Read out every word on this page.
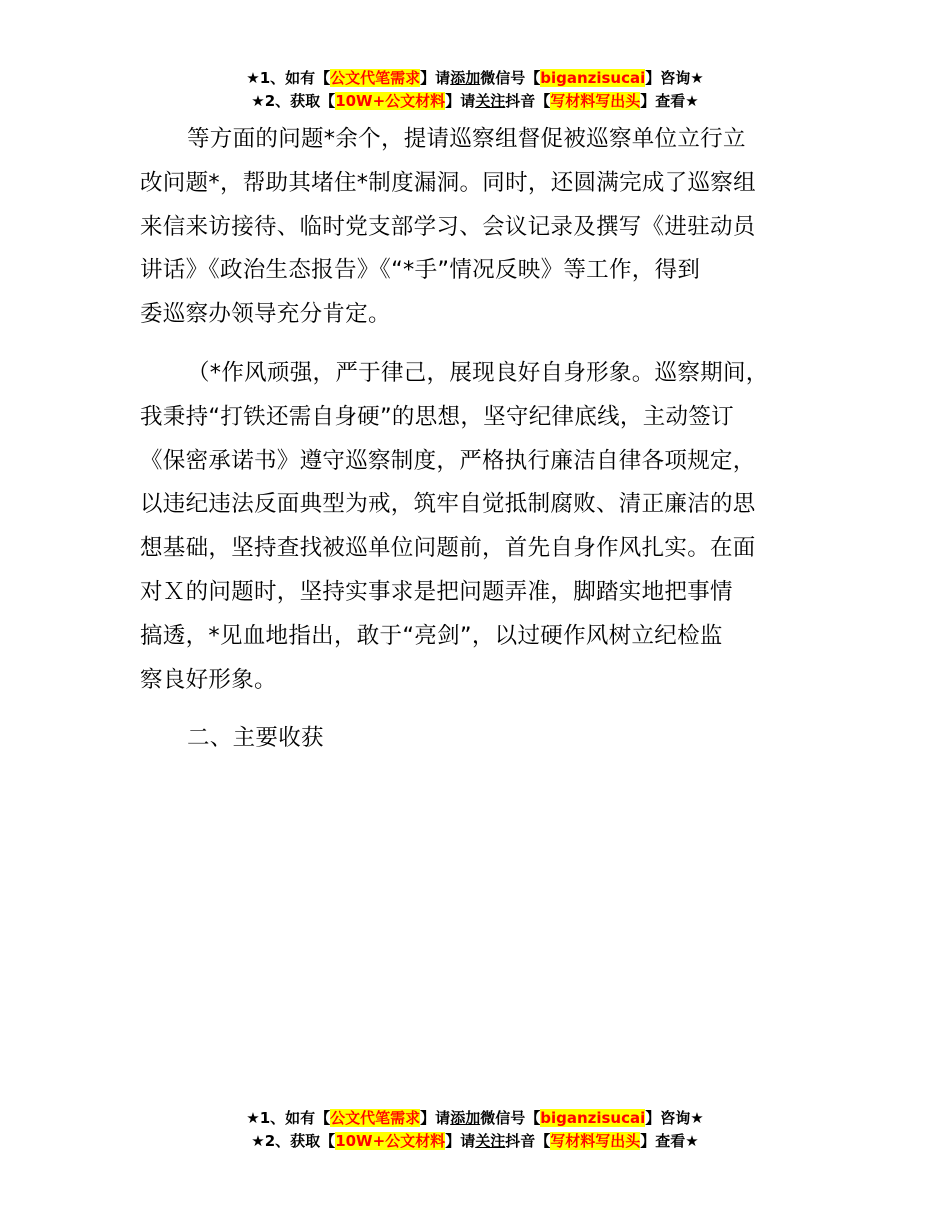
★1、如有【公文代笔需求】请添加微信号【biganzisucai】咨询★
★2、获取【10W+公文材料】请关注抖音【写材料写出头】查看★

等方面的问题*余个，提请巡察组督促被巡察单位立行立

改问题*，帮助其堵住*制度漏洞。同时，还圆满完成了巡察组

来信来访接待、临时党支部学习、会议记录及撰写《进驻动员

讲话》《政治生态报告》《“*手”情况反映》等工作，得到

委巡察办领导充分肯定。

（*作风顽强，严于律己，展现良好自身形象。巡察期间，

我秉持“打铁还需自身硬”的思想，坚守纪律底线，主动签订

《保密承诺书》遵守巡察制度，严格执行廉洁自律各项规定，

以违纪违法反面典型为戒，筑牢自觉抵制腐败、清正廉洁的思

想基础，坚持查找被巡单位问题前，首先自身作风扎实。在面

对Ｘ的问题时，坚持实事求是把问题弄准，脚踏实地把事情

搞透，*见血地指出，敢于“亮剑”，以过硬作风树立纪检监

察良好形象。

二、主要收获

★1、如有【公文代笔需求】请添加微信号【biganzisucai】咨询★
★2、获取【10W+公文材料】请关注抖音【写材料写出头】查看★
